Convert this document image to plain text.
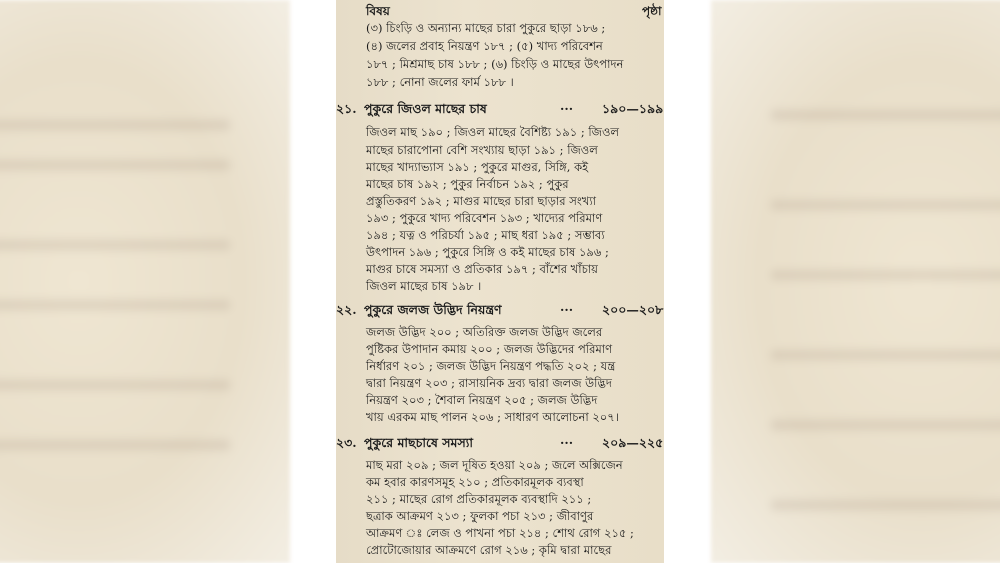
বিষয়	পৃষ্ঠা
(৩) চিংড়ি ও অন্যান্য মাছের চারা পুকুরে ছাড়া ১৮৬ ;
(৪) জলের প্রবাহ নিয়ন্ত্রণ ১৮৭ ; (৫) খাদ্য পরিবেশন
১৮৭ ; মিশ্রমাছ চাষ ১৮৮ ; (৬) চিংড়ি ও মাছের উৎপাদন
১৮৮ ; নোনা জলের ফার্ম ১৮৮ ।
২১. পুকুরে জিওল মাছের চাষ	··· ১৯০—১৯৯
জিওল মাছ ১৯০ ; জিওল মাছের বৈশিষ্ট্য ১৯১ ; জিওল
মাছের চারাপোনা বেশি সংখ্যায় ছাড়া ১৯১ ; জিওল
মাছের খাদ্যাভ্যাস ১৯১ ; পুকুরে মাগুর, সিঙ্গি, কই
মাছের চাষ ১৯২ ; পুকুর নির্বাচন ১৯২ ; পুকুর
প্রস্তুতিকরণ ১৯২ ; মাগুর মাছের চারা ছাড়ার সংখ্যা
১৯৩ ; পুকুরে খাদ্য পরিবেশন ১৯৩ ; খাদ্যের পরিমাণ
১৯৪ ; যত্ন ও পরিচর্যা ১৯৫ ; মাছ ধরা ১৯৫ ; সম্ভাব্য
উৎপাদন ১৯৬ ; পুকুরে সিঙ্গি ও কই মাছের চাষ ১৯৬ ;
মাগুর চাষে সমস্যা ও প্রতিকার ১৯৭ ; বাঁশের খাঁচায়
জিওল মাছের চাষ ১৯৮ ।
২২. পুকুরে জলজ উদ্ভিদ নিয়ন্ত্রণ	··· ২০০—২০৮
জলজ উদ্ভিদ ২০০ ; অতিরিক্ত জলজ উদ্ভিদ জলের
পুষ্টিকর উপাদান কমায় ২০০ ; জলজ উদ্ভিদের পরিমাণ
নির্ধারণ ২০১ ; জলজ উদ্ভিদ নিয়ন্ত্রণ পদ্ধতি ২০২ ; যন্ত্র
দ্বারা নিয়ন্ত্রণ ২০৩ ; রাসায়নিক দ্রব্য দ্বারা জলজ উদ্ভিদ
নিয়ন্ত্রণ ২০৩ ; শৈবাল নিয়ন্ত্রণ ২০৫ ; জলজ উদ্ভিদ
খায় এরকম মাছ পালন ২০৬ ; সাধারণ আলোচনা ২০৭।
২৩. পুকুরে মাছচাষে সমস্যা	··· ২০৯—২২৫
মাছ মরা ২০৯ ; জল দূষিত হওয়া ২০৯ ; জলে অক্সিজেন
কম হবার কারণসমূহ ২১০ ; প্রতিকারমূলক ব্যবস্থা
২১১ ; মাছের রোগ প্রতিকারমূলক ব্যবস্থাদি ২১১ ;
ছত্রাক আক্রমণ ২১৩ ; ফুলকা পচা ২১৩ ; জীবাণুর
আক্রমণ ঃ লেজ ও পাখনা পচা ২১৪ ; শোথ রোগ ২১৫ ;
প্রোটোজোয়ার আক্রমণে রোগ ২১৬ ; কৃমি দ্বারা মাছের
